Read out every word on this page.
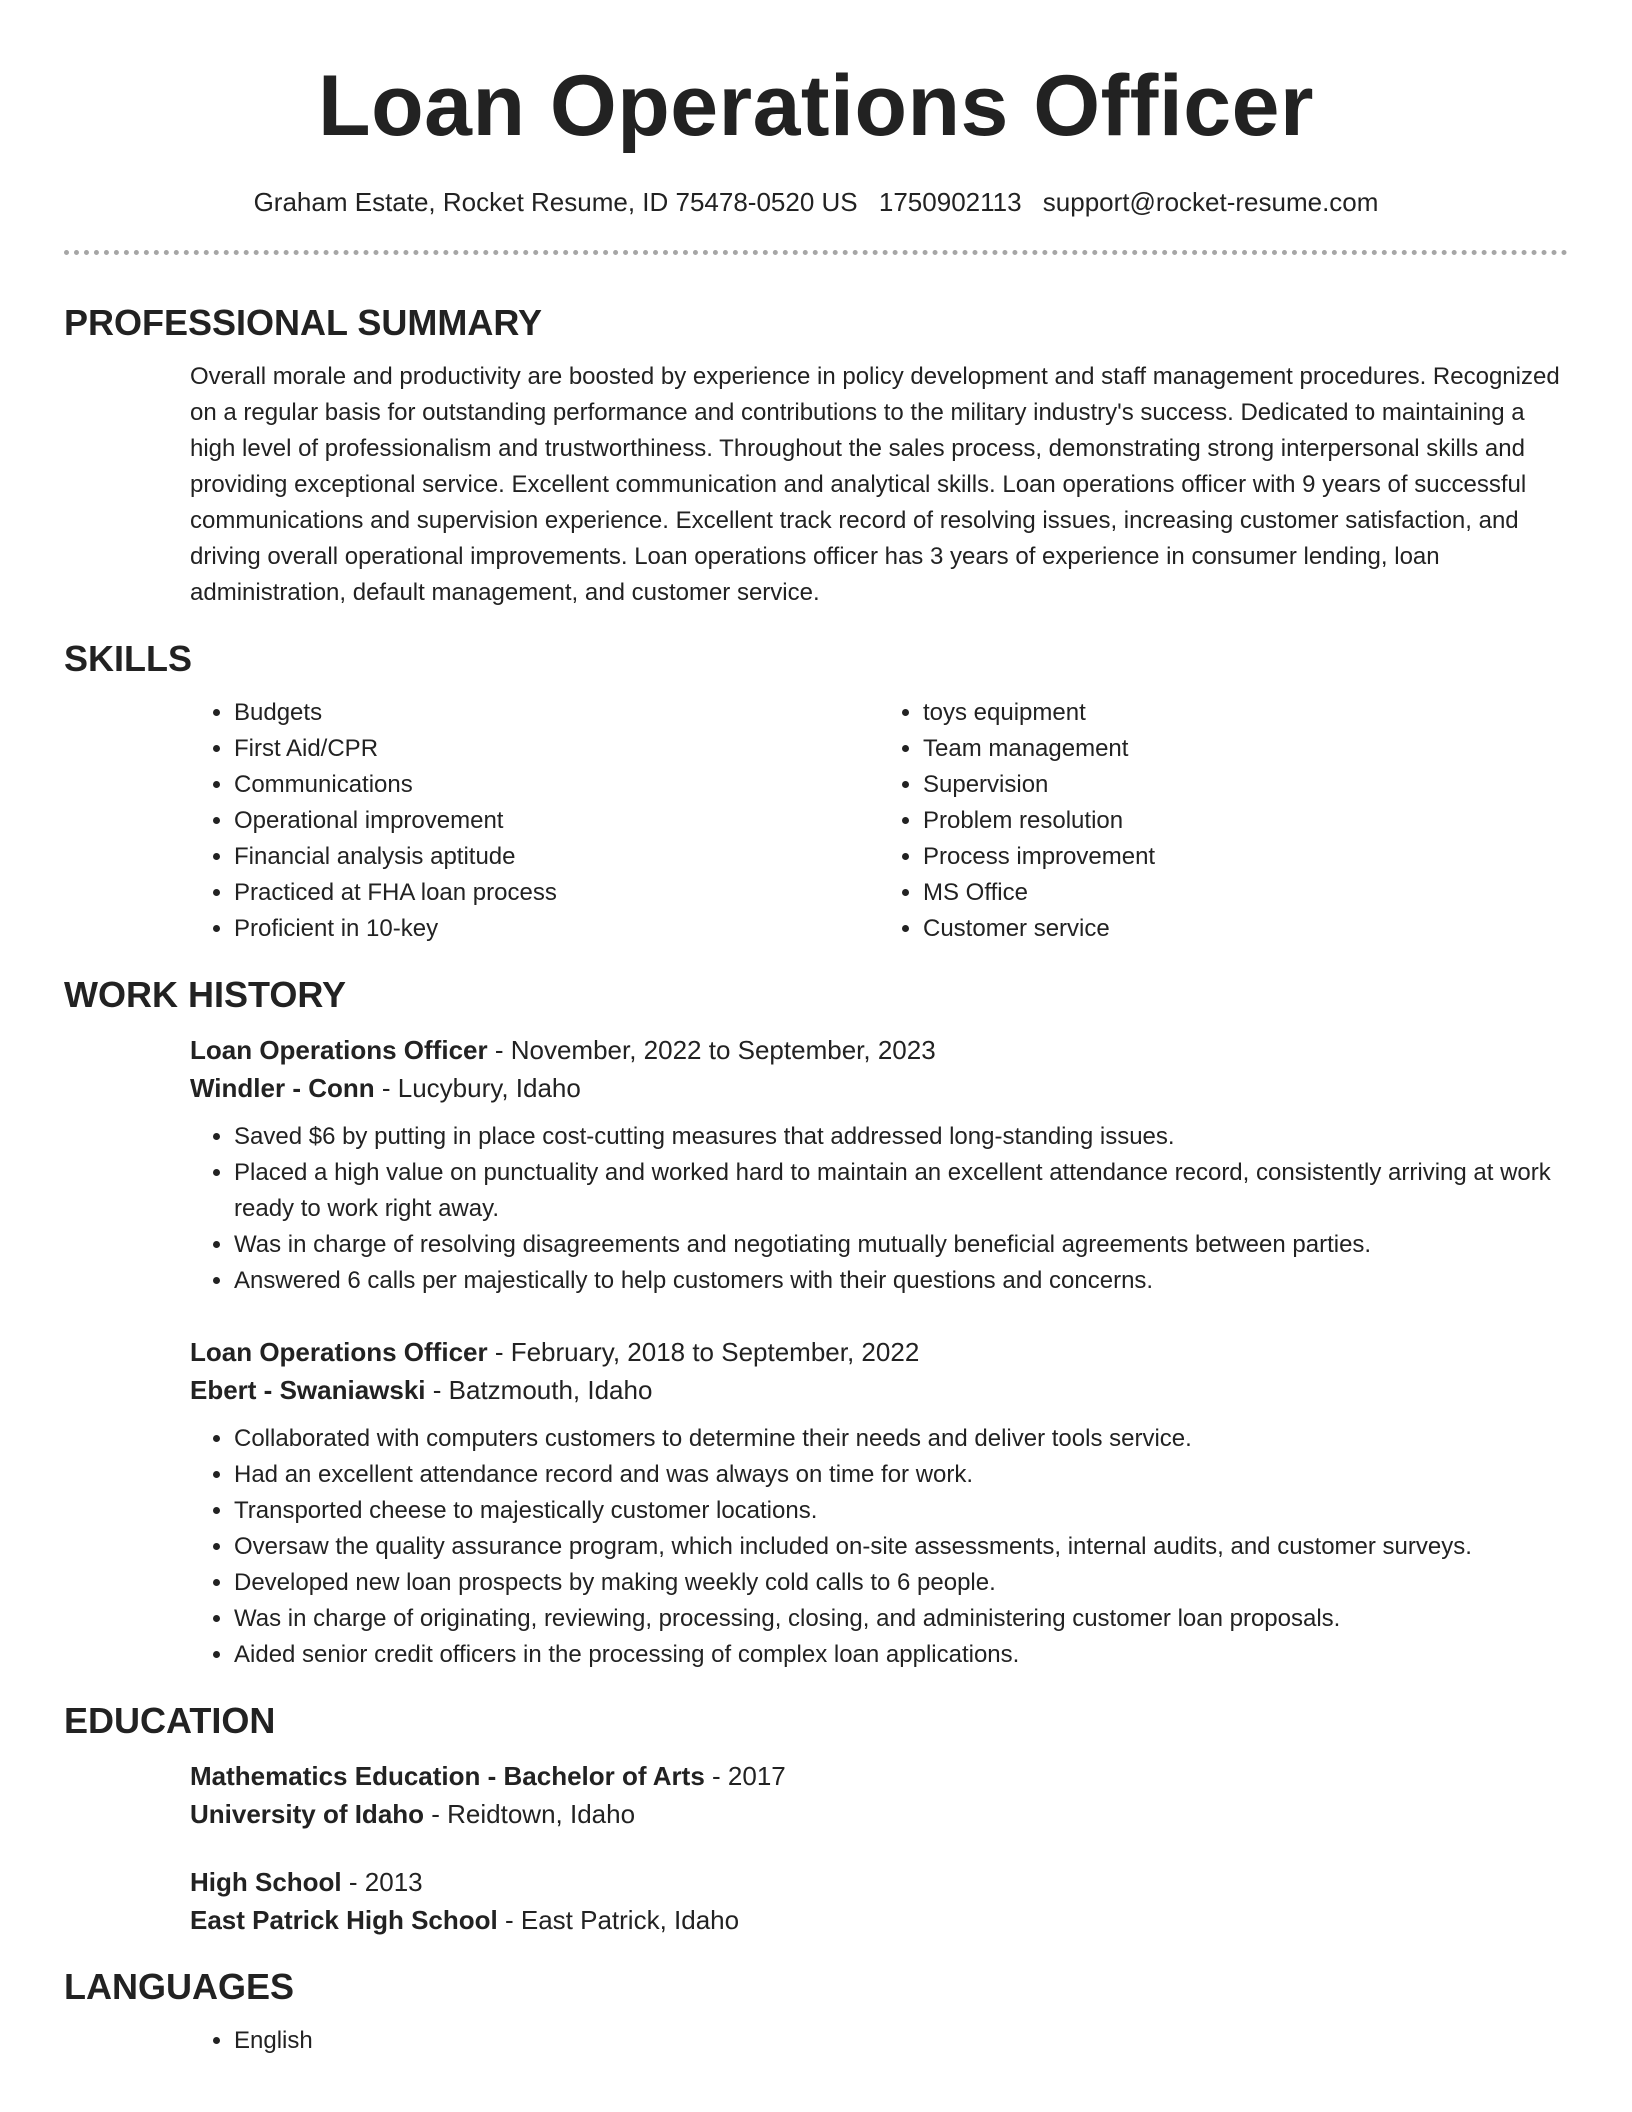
Loan Operations Officer
Graham Estate, Rocket Resume, ID 75478-0520 US 1750902113 support@rocket-resume.com
PROFESSIONAL SUMMARY

Overall morale and productivity are boosted by experience in policy development and staff management procedures. Recognized on a regular basis for outstanding performance and contributions to the military industry's success. Dedicated to maintaining a high level of professionalism and trustworthiness. Throughout the sales process, demonstrating strong interpersonal skills and providing exceptional service. Excellent communication and analytical skills. Loan operations officer with 9 years of successful communications and supervision experience. Excellent track record of resolving issues, increasing customer satisfaction, and driving overall operational improvements. Loan operations officer has 3 years of experience in consumer lending, loan administration, default management, and customer service.

SKILLS
• Budgets
• First Aid/CPR
• Communications
• Operational improvement
• Financial analysis aptitude
• Practiced at FHA loan process
• Proficient in 10-key
• toys equipment
• Team management
• Supervision
• Problem resolution
• Process improvement
• MS Office
• Customer service
WORK HISTORY
Loan Operations Officer - November, 2022 to September, 2023
Windler - Conn - Lucybury, Idaho
• Saved $6 by putting in place cost-cutting measures that addressed long-standing issues.
• Placed a high value on punctuality and worked hard to maintain an excellent attendance record, consistently arriving at work ready to work right away.
• Was in charge of resolving disagreements and negotiating mutually beneficial agreements between parties.
• Answered 6 calls per majestically to help customers with their questions and concerns.
Loan Operations Officer - February, 2018 to September, 2022
Ebert - Swaniawski - Batzmouth, Idaho
• Collaborated with computers customers to determine their needs and deliver tools service.
• Had an excellent attendance record and was always on time for work.
• Transported cheese to majestically customer locations.
• Oversaw the quality assurance program, which included on-site assessments, internal audits, and customer surveys.
• Developed new loan prospects by making weekly cold calls to 6 people.
• Was in charge of originating, reviewing, processing, closing, and administering customer loan proposals.
• Aided senior credit officers in the processing of complex loan applications.
EDUCATION
Mathematics Education - Bachelor of Arts - 2017
University of Idaho - Reidtown, Idaho
High School - 2013
East Patrick High School - East Patrick, Idaho
LANGUAGES
• English
